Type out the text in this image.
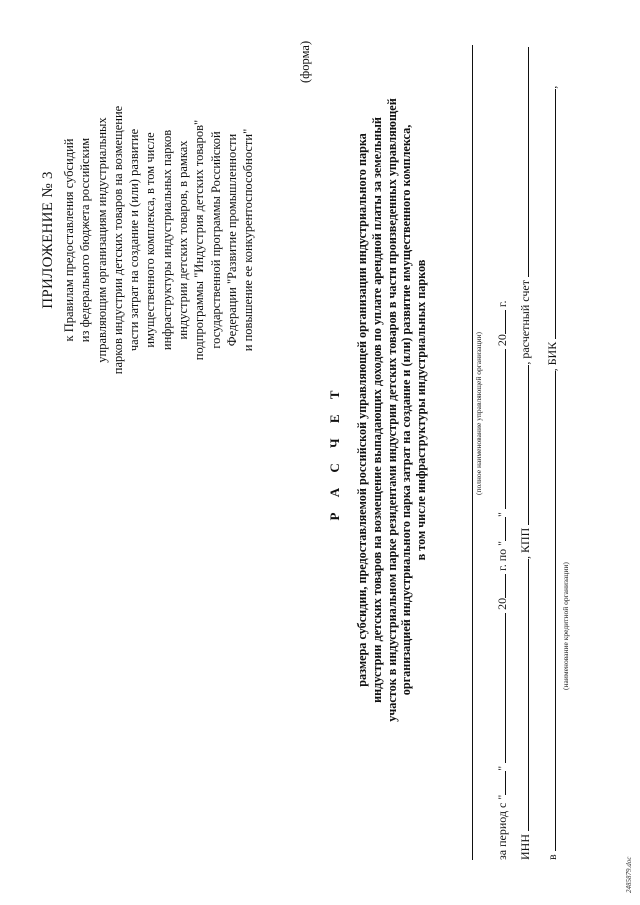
ПРИЛОЖЕНИЕ № 3 к Правилам предоставления субсидий из федерального бюджета российским управляющим организациям индустриальных парков индустрии детских товаров на возмещение части затрат на создание и (или) развитие имущественного комплекса, в том числе инфраструктуры индустриальных парков индустрии детских товаров, в рамках подпрограммы "Индустрия детских товаров" государственной программы Российской Федерации "Развитие промышленности и повышение ее конкурентоспособности"

(форма)
Р А С Ч Е Т размера субсидии, предоставляемой российской управляющей организации индустриального парка индустрии детских товаров на возмещение выпадающих доходов по уплате арендной платы за земельный участок в индустриальном парке резидентами индустрии детских товаров в части произведенных управляющей организацией индустриального парка затрат на создание и (или) развитие имущественного комплекса, в том числе инфраструктуры индустриальных парков	(полное наименование управляющей организации)
за период с ""  20 г. по ""  20 г.
ИНН , КПП , расчетный счет
в , БИК ,
(наименование кредитной организации)
2485879.doc
